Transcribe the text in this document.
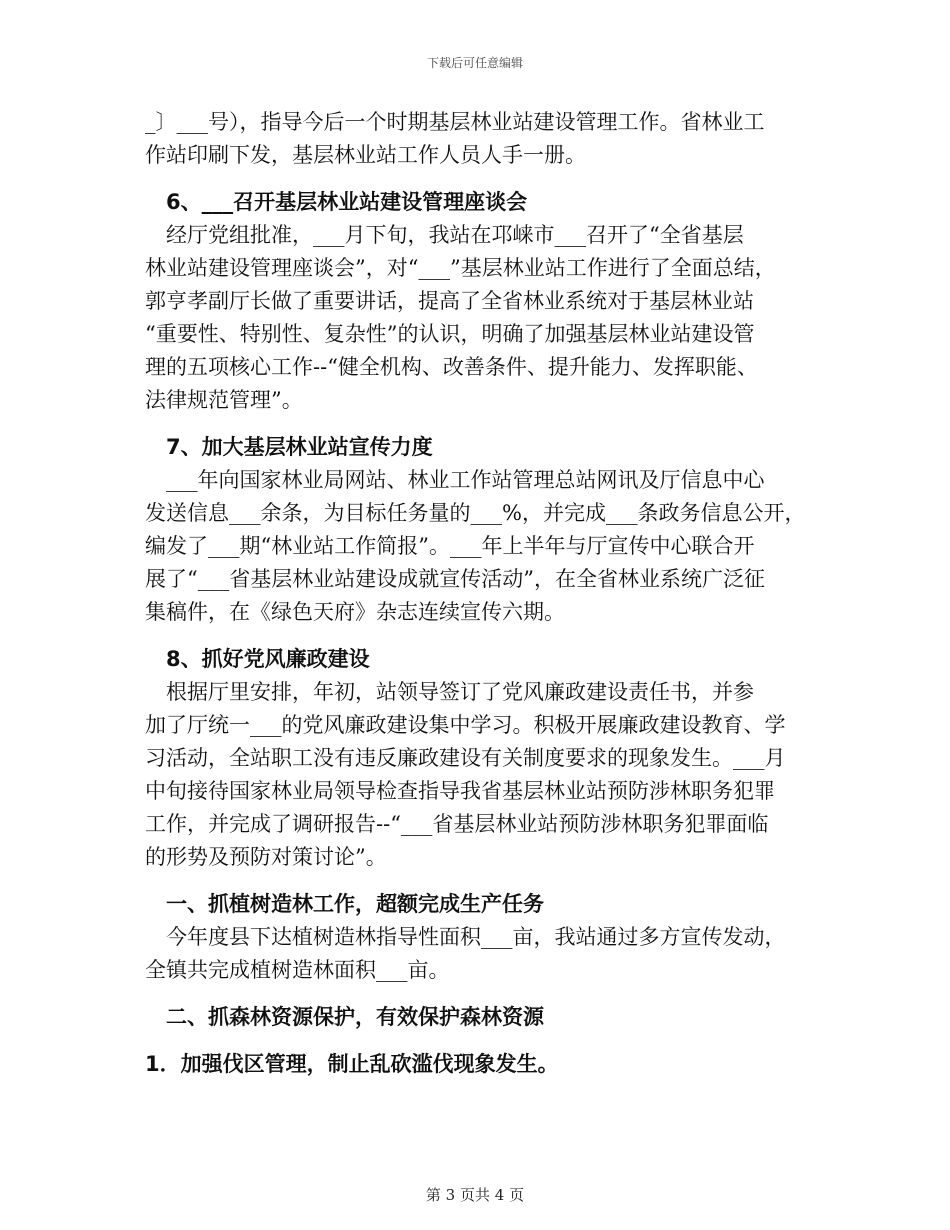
下载后可任意编辑
_〕___号），指导今后一个时期基层林业站建设管理工作。省林业工
作站印刷下发，基层林业站工作人员人手一册。
　6、___召开基层林业站建设管理座谈会
　经厅党组批准，___月下旬，我站在邛崃市___召开了“全省基层
林业站建设管理座谈会”，对“___”基层林业站工作进行了全面总结，
郭亨孝副厅长做了重要讲话，提高了全省林业系统对于基层林业站
“重要性、特别性、复杂性”的认识，明确了加强基层林业站建设管
理的五项核心工作--“健全机构、改善条件、提升能力、发挥职能、
法律规范管理”。
　7、加大基层林业站宣传力度
　___年向国家林业局网站、林业工作站管理总站网讯及厅信息中心
发送信息___余条，为目标任务量的___%，并完成___条政务信息公开，
编发了___期“林业站工作简报”。___年上半年与厅宣传中心联合开
展了“___省基层林业站建设成就宣传活动”，在全省林业系统广泛征
集稿件，在《绿色天府》杂志连续宣传六期。
　8、抓好党风廉政建设
　根据厅里安排，年初，站领导签订了党风廉政建设责任书，并参
加了厅统一___的党风廉政建设集中学习。积极开展廉政建设教育、学
习活动，全站职工没有违反廉政建设有关制度要求的现象发生。___月
中旬接待国家林业局领导检查指导我省基层林业站预防涉林职务犯罪
工作，并完成了调研报告--“___省基层林业站预防涉林职务犯罪面临
的形势及预防对策讨论”。
　一、抓植树造林工作，超额完成生产任务
　今年度县下达植树造林指导性面积___亩，我站通过多方宣传发动，
全镇共完成植树造林面积___亩。
　二、抓森林资源保护，有效保护森林资源
1．加强伐区管理，制止乱砍滥伐现象发生。
第 3 页共 4 页
